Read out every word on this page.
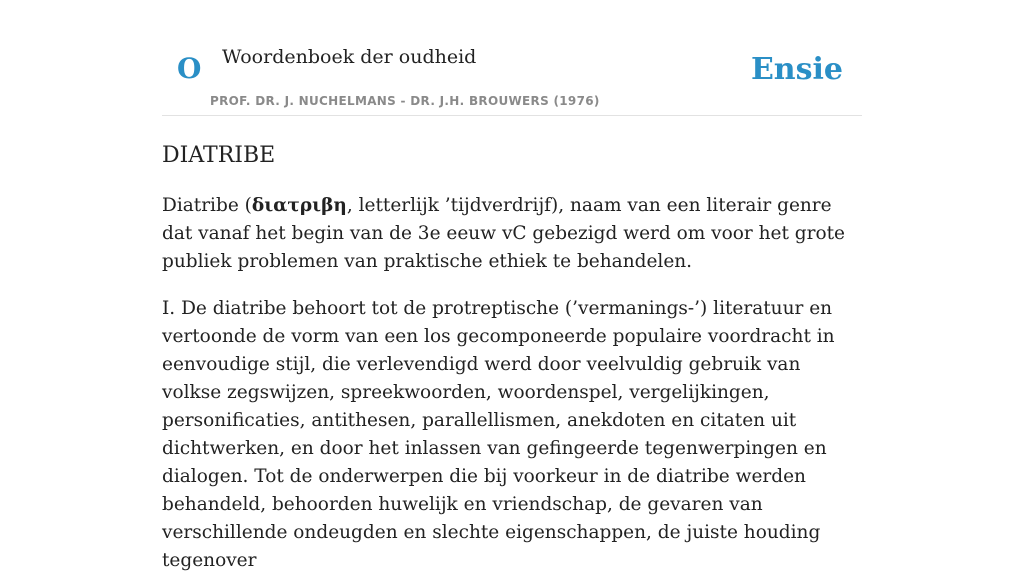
O Woordenboek der oudheid
PROF. DR. J. NUCHELMANS - DR. J.H. BROUWERS (1976)
Ensie
DIATRIBE

Diatribe (διατριβη, letterlijk ’tijdverdrijf), naam van een literair genre dat vanaf het begin van de 3e eeuw vC gebezigd werd om voor het grote publiek problemen van praktische ethiek te behandelen.

I. De diatribe behoort tot de protreptische (’vermanings-’) literatuur en vertoonde de vorm van een los gecomponeerde populaire voordracht in eenvoudige stijl, die verlevendigd werd door veelvuldig gebruik van volkse zegswijzen, spreekwoorden, woordenspel, vergelijkingen, personificaties, antithesen, parallellismen, anekdoten en citaten uit dichtwerken, en door het inlassen van gefingeerde tegenwerpingen en dialogen. Tot de onderwerpen die bij voorkeur in de diatribe werden behandeld, behoorden huwelijk en vriendschap, de gevaren van verschillende ondeugden en slechte eigenschappen, de juiste houding tegenover
